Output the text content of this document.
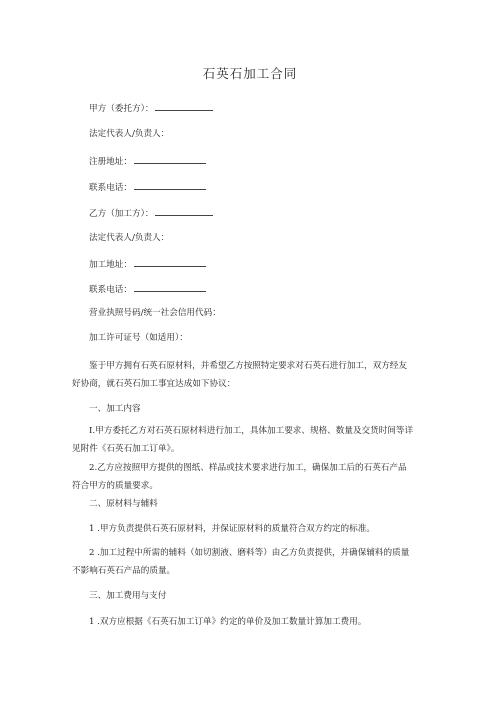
石英石加工合同
甲方（委托方）：
法定代表人/负责人：
注册地址：
联系电话：
乙方（加工方）：
法定代表人/负责人：
加工地址：
联系电话：
营业执照号码/统一社会信用代码：
加工许可证号（如适用）：
鉴于甲方拥有石英石原材料，并希望乙方按照特定要求对石英石进行加工，双方经友好协商，就石英石加工事宜达成如下协议：
一、加工内容
I.甲方委托乙方对石英石原材料进行加工，具体加工要求、规格、数量及交货时间等详见附件《石英石加工订单》。
2.乙方应按照甲方提供的图纸、样品或技术要求进行加工，确保加工后的石英石产品符合甲方的质量要求。
二、原材料与辅料
1 .甲方负责提供石英石原材料，并保证原材料的质量符合双方约定的标准。
2 .加工过程中所需的辅料（如切割液、磨料等）由乙方负责提供，并确保辅料的质量不影响石英石产品的质量。
三、加工费用与支付
1 .双方应根据《石英石加工订单》约定的单价及加工数量计算加工费用。
